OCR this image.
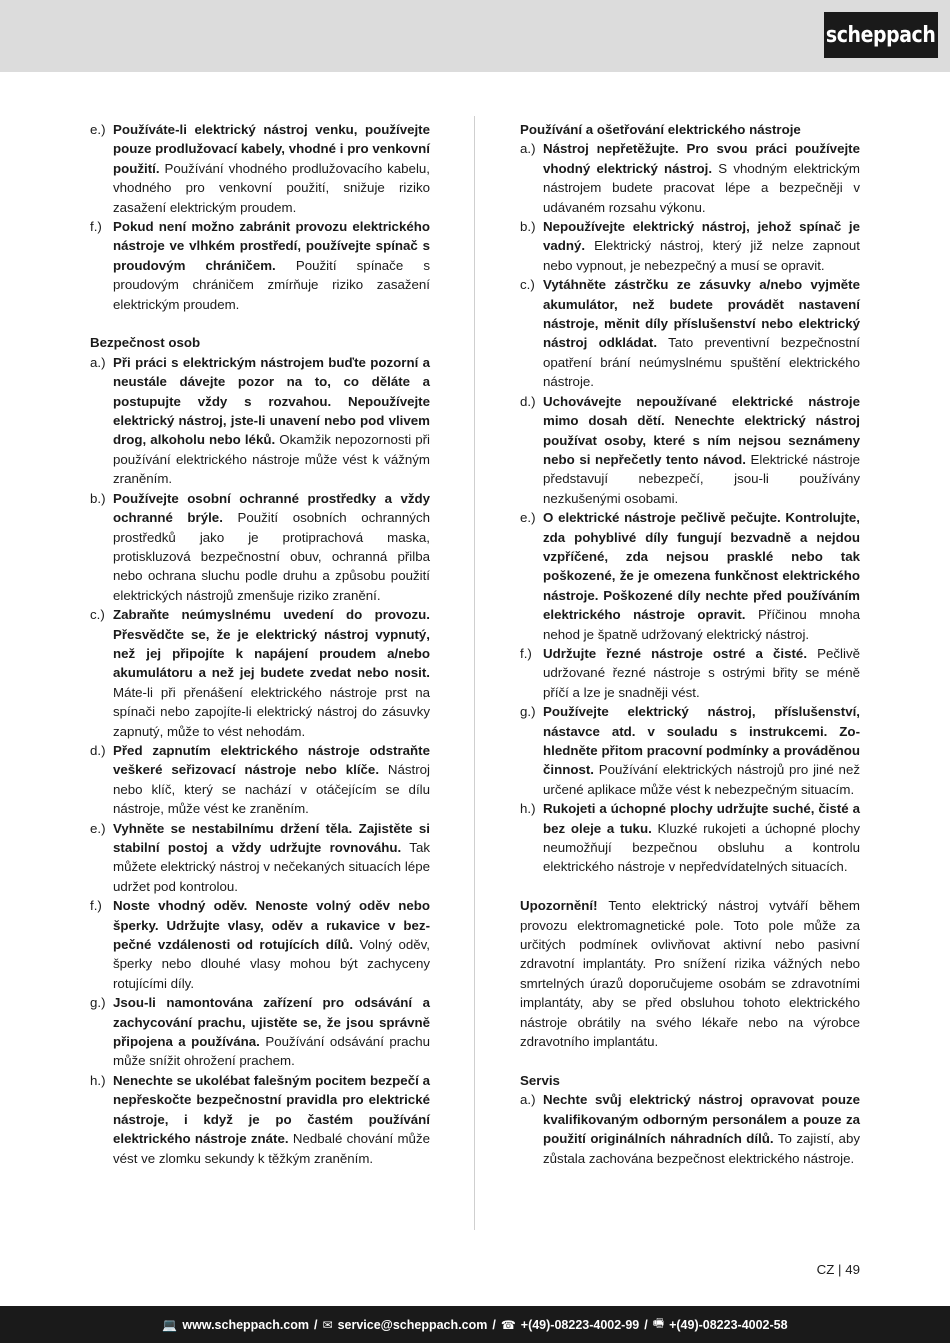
scheppach
e.) Používáte-li elektrický nástroj venku, používejte pouze prodlužovací kabely, vhodné i pro venkovní použití. Používání vhodného prodlužovacího kabelu, vhodného pro venkovní použití, snižuje riziko zasažení elektrickým proudem.
f.) Pokud není možno zabránit provozu elektrického nástroje ve vlhkém prostředí, používejte spínač s proudovým chráničem. Použití spínače s proudovým chráničem zmírňuje riziko zasažení elektrickým proudem.
Bezpečnost osob
a.) Při práci s elektrickým nástrojem buďte pozorní a neustále dávejte pozor na to, co děláte a postupujte vždy s rozvahou. Nepoužívejte elektrický nástroj, jste-li unavení nebo pod vlivem drog, alkoholu nebo léků. Okamžik nepozornosti při používání elektrického nástroje může vést k vážným zraněním.
b.) Používejte osobní ochranné prostředky a vždy ochranné brýle. Použití osobních ochranných prostředků jako je protiprachová maska, protiskluzová bezpečnostní obuv, ochranná přilba nebo ochrana sluchu podle druhu a způsobu použití elektrických nástrojů zmenšuje riziko zranění.
c.) Zabraňte neúmyslnému uvedení do provozu. Přesvědčte se, že je elektrický nástroj vypnutý, než jej připojíte k napájení proudem a/nebo akumulátoru a než jej budete zvedat nebo nosit. Máte-li při přenášení elektrického nástroje prst na spínači nebo zapojíte-li elektrický nástroj do zásuvky zapnutý, může to vést nehodám.
d.) Před zapnutím elektrického nástroje odstraňte veškeré seřizovací nástroje nebo klíče. Nástroj nebo klíč, který se nachází v otáčejícím se dílu nástroje, může vést ke zraněním.
e.) Vyhněte se nestabilnímu držení těla. Zajistěte si stabilní postoj a vždy udržujte rovnováhu. Tak můžete elektrický nástroj v nečekaných situacích lépe udržet pod kontrolou.
f.) Noste vhodný oděv. Nenoste volný oděv nebo šperky. Udržujte vlasy, oděv a rukavice v bezpečné vzdálenosti od rotujících dílů. Volný oděv, šperky nebo dlouhé vlasy mohou být zachyceny rotujícími díly.
g.) Jsou-li namontována zařízení pro odsávání a zachycování prachu, ujistěte se, že jsou správně připojena a používána. Používání odsávání prachu může snížit ohrožení prachem.
h.) Nenechte se ukolébat falešným pocitem bezpečí a nepřeskočte bezpečnostní pravidla pro elektrické nástroje, i když je po častém používání elektrického nástroje znáte. Nedbalé chování může vést ve zlomku sekundy k těžkým zraněním.
Používání a ošetřování elektrického nástroje
a.) Nástroj nepřetěžujte. Pro svou práci používejte vhodný elektrický nástroj. S vhodným elektrickým nástrojem budete pracovat lépe a bezpečněji v udávaném rozsahu výkonu.
b.) Nepoužívejte elektrický nástroj, jehož spínač je vadný. Elektrický nástroj, který již nelze zapnout nebo vypnout, je nebezpečný a musí se opravit.
c.) Vytáhněte zástrčku ze zásuvky a/nebo vyjměte akumulátor, než budete provádět nastavení nástroje, měnit díly příslušenství nebo elektrický nástroj odkládat. Tato preventivní bezpečnostní opatření brání neúmyslnému spuštění elektrického nástroje.
d.) Uchovávejte nepoužívané elektrické nástroje mimo dosah dětí. Nenechte elektrický nástroj používat osoby, které s ním nejsou seznámeny nebo si nepřečetly tento návod. Elektrické nástroje představují nebezpečí, jsou-li používány nezkušenými osobami.
e.) O elektrické nástroje pečlivě pečujte. Kontrolujte, zda pohyblivé díly fungují bezvadně a nejdou vzpříčené, zda nejsou prasklé nebo tak poškozené, že je omezena funkčnost elektrického nástroje. Poškozené díly nechte před používáním elektrického nástroje opravit. Příčinou mnoha nehod je špatně udržovaný elektrický nástroj.
f.) Udržujte řezné nástroje ostré a čisté. Pečlivě udržované řezné nástroje s ostrými břity se méně příčí a lze je snadněji vést.
g.) Používejte elektrický nástroj, příslušenství, nástavce atd. v souladu s instrukcemi. Zohledněte přitom pracovní podmínky a prováděnou činnost. Používání elektrických nástrojů pro jiné než určené aplikace může vést k nebezpečným situacím.
h.) Rukojeti a úchopné plochy udržujte suché, čisté a bez oleje a tuku. Kluzké rukojeti a úchopné plochy neumožňují bezpečnou obsluhu a kontrolu elektrického nástroje v nepředvídatelných situacích.
Upozornění! Tento elektrický nástroj vytváří během provozu elektromagnetické pole. Toto pole může za určitých podmínek ovlivňovat aktivní nebo pasivní zdravotní implantáty. Pro snížení rizika vážných nebo smrtelných úrazů doporučujeme osobám se zdravotními implantáty, aby se před obsluhou tohoto elektrického nástroje obrátily na svého lékaře nebo na výrobce zdravotního implantátu.
Servis
a.) Nechte svůj elektrický nástroj opravovat pouze kvalifikovaným odborným personálem a pouze za použití originálních náhradních dílů. To zajistí, aby zůstala zachována bezpečnost elektrického nástroje.
CZ | 49
💻 www.scheppach.com / ✉ service@scheppach.com / ☎ +(49)-08223-4002-99 / 🖷 +(49)-08223-4002-58
